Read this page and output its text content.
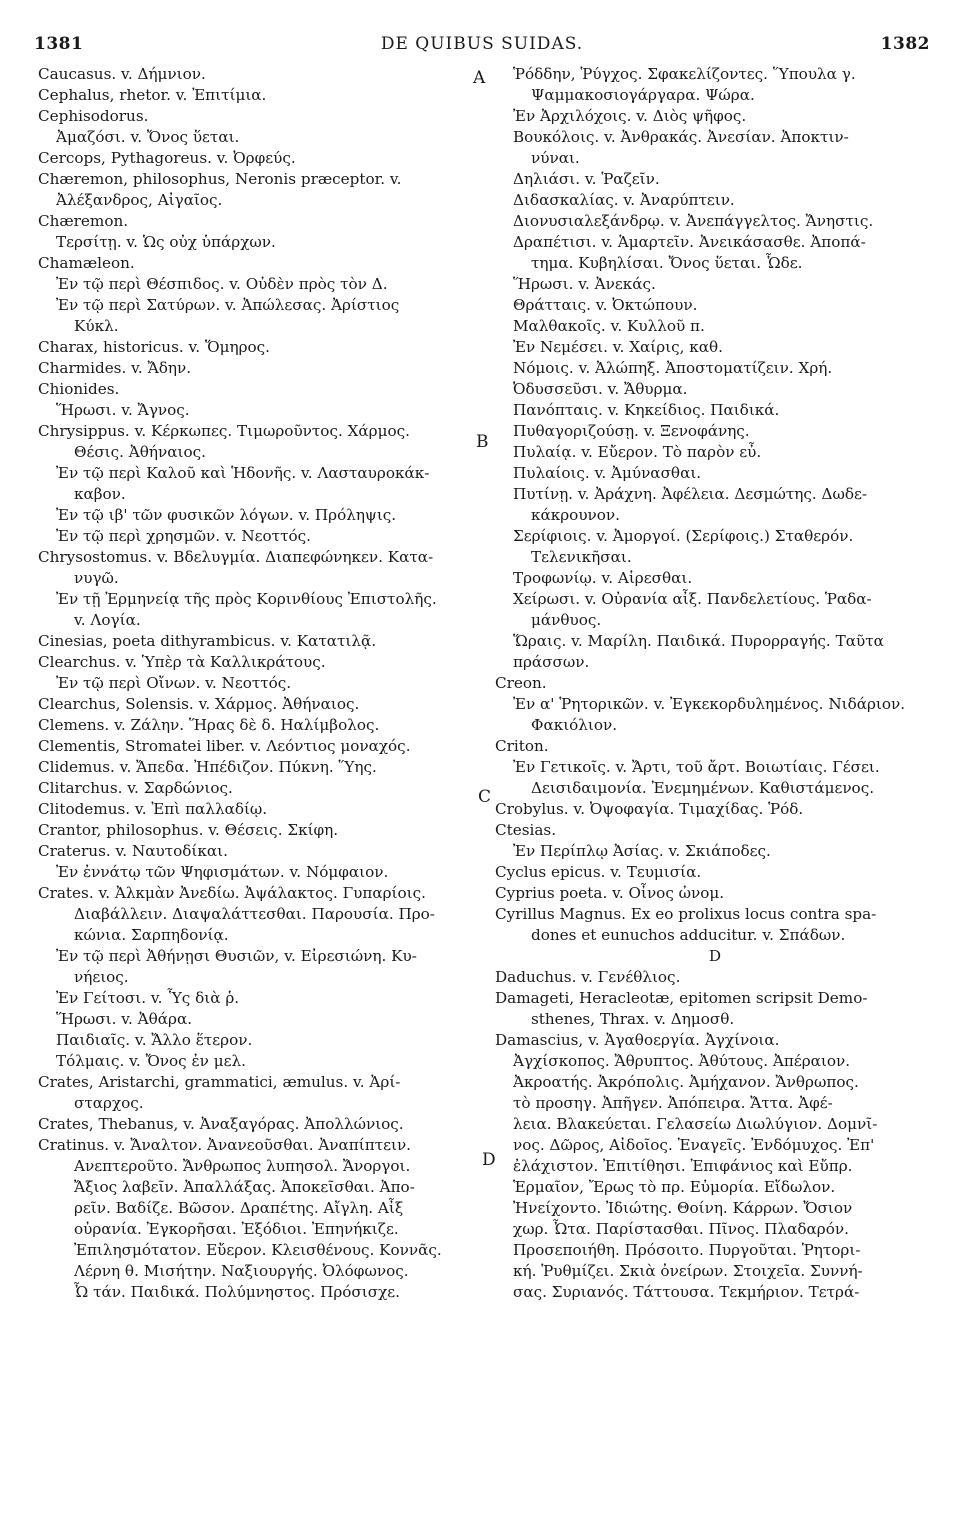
1381	DE QUIBUS SUIDAS.	1382
A
B
C
D
Caucasus. v. Δήμνιον.
Cephalus, rhetor. v. Ἐπιτίμια.
Cephisodorus.
Ἀμαζόσι. v. Ὄνος ὕεται.
Cercops, Pythagoreus. v. Ὀρφεύς.
Chæremon, philosophus, Neronis præceptor. v.
Ἀλέξανδρος, Αἰγαῖος.
Chæremon.
Τερσίτῃ. v. Ὡς οὐχ ὑπάρχων.
Chamæleon.
Ἐν τῷ περὶ Θέσπιδος. v. Οὐδὲν πρὸς τὸν Δ.
Ἐν τῷ περὶ Σατύρων. v. Ἀπώλεσας. Ἀρίστιος
Κύκλ.
Charax, historicus. v. Ὅμηρος.
Charmides. v. Ἄδην.
Chionides.
Ἥρωσι. v. Ἄγνος.
Chrysippus. v. Κέρκωπες. Τιμωροῦντος. Χάρμος.
Θέσις. Ἀθήναιος.
Ἐν τῷ περὶ Καλοῦ καὶ Ἡδονῆς. v. Λασταυροκάκ-
καβον.
Ἐν τῷ ιβ' τῶν φυσικῶν λόγων. v. Πρόληψις.
Ἐν τῷ περὶ χρησμῶν. v. Νεοττός.
Chrysostomus. v. Βδελυγμία. Διαπεφώνηκεν. Κατα-
νυγῶ.
Ἐν τῇ Ἑρμηνείᾳ τῆς πρὸς Κορινθίους Ἐπιστολῆς.
v. Λογία.
Cinesias, poeta dithyrambicus. v. Κατατιλᾷ.
Clearchus. v. Ὑπὲρ τὰ Καλλικράτους.
Ἐν τῷ περὶ Οἴνων. v. Νεοττός.
Clearchus, Solensis. v. Χάρμος. Ἀθήναιος.
Clemens. v. Ζάλην. Ἥρας δὲ δ. Ηαλίμβολος.
Clementis, Stromatei liber. v. Λεόντιος μοναχός.
Clidemus. v. Ἄπεδα. Ἠπέδιζον. Πύκνη. Ὕης.
Clitarchus. v. Σαρδώνιος.
Clitodemus. v. Ἐπὶ παλλαδίῳ.
Crantor, philosophus. v. Θέσεις. Σκίφη.
Craterus. v. Ναυτοδίκαι.
Ἐν ἐννάτῳ τῶν Ψηφισμάτων. v. Νόμφαιον.
Crates. v. Ἀλκμὰν Ἀνεδίω. Ἀψάλακτος. Γυπαρίοις.
Διαβάλλειν. Διαψαλάττεσθαι. Παρουσία. Προ-
κώνια. Σαρπηδονίᾳ.
Ἐν τῷ περὶ Ἀθήνῃσι Θυσιῶν, v. Εἰρεσιώνη. Κυ-
νήειος.
Ἐν Γείτοσι. v. Ὗς διὰ ῥ.
Ἥρωσι. v. Ἀθάρα.
Παιδιαῖς. v. Ἄλλο ἕτερον.
Τόλμαις. v. Ὄνος ἐν μελ.
Crates, Aristarchi, grammatici, æmulus. v. Ἀρί-
σταρχος.
Crates, Thebanus, v. Ἀναξαγόρας. Ἀπολλώνιος.
Cratinus. v. Ἄναλτον. Ἀνανεοῦσθαι. Ἀναπίπτειν.
Ανεπτεροῦτο. Ἄνθρωπος λυπησολ. Ἄνοργοι.
Ἄξιος λαβεῖν. Ἀπαλλάξας. Ἀποκεῖσθαι. Ἀπο-
ρεῖν. Βαδίζε. Βῶσον. Δραπέτης. Αἴγλη. Αἶξ
οὐρανία. Ἐγκορῆσαι. Ἐξόδιοι. Ἐπηνήκιζε.
Ἐπιλησμότατον. Εὔερον. Κλεισθένους. Κοννᾶς.
Λέρνη θ. Μισήτην. Ναξιουργής. Ὀλόφωνος.
Ὦ τάν. Παιδικά. Πολύμνηστος. Πρόσισχε.
Ῥόδδην, Ῥύγχος. Σφακελίζοντες. Ὕπουλα γ.
Ψαμμακοσιογάργαρα. Ψώρα.
Ἐν Ἀρχιλόχοις. v. Διὸς ψῆφος.
Βουκόλοις. v. Ἀνθρακάς. Ἀνεσίαν. Ἀποκτιν-
νύναι.
Δηλιάσι. v. Ῥαζεῖν.
Διδασκαλίας. v. Ἀναρύπτειν.
Διονυσιαλεξάνδρῳ. v. Ἀνεπάγγελτος. Ἄνηστις.
Δραπέτισι. v. Ἁμαρτεῖν. Ἀνεικάσασθε. Ἀποπά-
τημα. Κυβηλίσαι. Ὄνος ὕεται. Ὧδε.
Ἥρωσι. v. Ἀνεκάς.
Θράτταις. v. Ὀκτώπουν.
Μαλθακοῖς. v. Κυλλοῦ π.
Ἐν Νεμέσει. v. Χαίρις, καθ.
Νόμοις. v. Ἀλώπηξ. Ἀποστοματίζειν. Χρή.
Ὀδυσσεῦσι. v. Ἄθυρμα.
Πανόπταις. v. Κηκείδιος. Παιδικά.
Πυθαγοριζούσῃ. v. Ξενοφάνης.
Πυλαίᾳ. v. Εὔερον. Τὸ παρὸν εὖ.
Πυλαίοις. v. Ἀμύνασθαι.
Πυτίνῃ. v. Ἀράχνη. Ἀφέλεια. Δεσμώτης. Δωδε-
κάκρουνον.
Σερίφιοις. v. Ἀμοργοί. (Σερίφοις.) Σταθερόν.
Τελενικῆσαι.
Τροφωνίῳ. v. Αἱρεσθαι.
Χείρωσι. v. Οὐρανία αἶξ. Πανδελετίους. Ῥαδα-
μάνθυος.
Ὥραις. v. Μαρίλη. Παιδικά. Πυρορραγής. Ταῦτα
πράσσων.
Creon.
Ἐν α' Ῥητορικῶν. v. Ἐγκεκορδυλημένος. Νιδάριον.
Φακιόλιον.
Criton.
Ἐν Γετικοῖς. v. Ἄρτι, τοῦ ἄρτ. Βοιωτίαις. Γέσει.
Δεισιδαιμονία. Ἐνεμημένων. Καθιστάμενος.
Crobylus. v. Ὀψοφαγία. Τιμαχίδας. Ῥόδ.
Ctesias.
Ἐν Περίπλῳ Ἀσίας. v. Σκιάποδες.
Cyclus epicus. v. Τευμισία.
Cyprius poeta. v. Οἶνος ὠνομ.
Cyrillus Magnus. Ex eo prolixus locus contra spa-
dones et eunuchos adducitur. v. Σπάδων.
D
Daduchus. v. Γενέθλιος.
Damageti, Heracleotæ, epitomen scripsit Demo-
sthenes, Thrax. v. Δημοσθ.
Damascius, v. Ἀγαθοεργία. Ἀγχίνοια.
Ἀγχίσκοπος. Ἄθρυπτος. Ἀθύτους. Ἀπέραιον.
Ἀκροατής. Ἀκρόπολις. Ἀμήχανον. Ἄνθρωπος.
τὸ προσηγ. Ἀπῆγεν. Ἀπόπειρα. Ἄττα. Ἀφέ-
λεια. Βλακεύεται. Γελασείω Διωλύγιον. Δομνῖ-
νος. Δῶρος, Αἰδοῖος. Ἐναγεῖς. Ἐνδόμυχος. Ἐπ'
ἐλάχιστον. Ἐπιτίθησι. Ἐπιφάνιος καὶ Εὔπρ.
Ἑρμαῖον, Ἔρως τὸ πρ. Εὐμορία. Εἴδωλον.
Ἠνείχοντο. Ἰδιώτης. Θοίνη. Κάρρων. Ὄσιον
χωρ. Ὦτα. Παρίστασθαι. Πῖνος. Πλαδαρόν.
Προσεποιήθη. Πρόσοιτο. Πυργοῦται. Ῥητορι-
κή. Ῥυθμίζει. Σκιὰ ὀνείρων. Στοιχεῖα. Συννή-
σας. Συριανός. Τάττουσα. Τεκμήριον. Τετρά-
